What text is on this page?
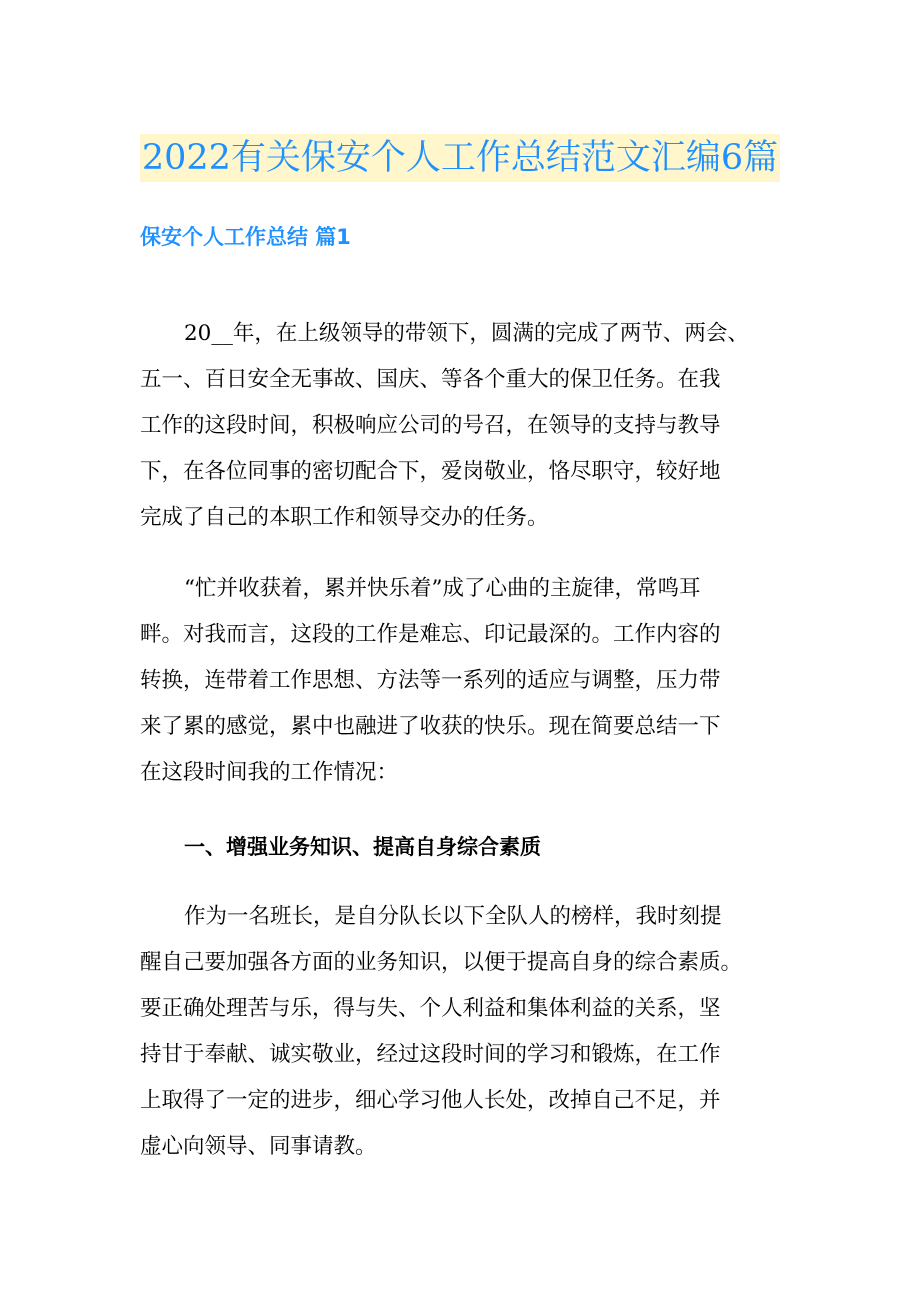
2022有关保安个人工作总结范文汇编6篇
保安个人工作总结 篇1
20__年，在上级领导的带领下，圆满的完成了两节、两会、
五一、百日安全无事故、国庆、等各个重大的保卫任务。在我
工作的这段时间，积极响应公司的号召，在领导的支持与教导
下，在各位同事的密切配合下，爱岗敬业，恪尽职守，较好地
完成了自己的本职工作和领导交办的任务。
“忙并收获着，累并快乐着”成了心曲的主旋律，常鸣耳
畔。对我而言，这段的工作是难忘、印记最深的。工作内容的
转换，连带着工作思想、方法等一系列的适应与调整，压力带
来了累的感觉，累中也融进了收获的快乐。现在简要总结一下
在这段时间我的工作情况：
一、增强业务知识、提高自身综合素质
作为一名班长，是自分队长以下全队人的榜样，我时刻提
醒自己要加强各方面的业务知识，以便于提高自身的综合素质。
要正确处理苦与乐，得与失、个人利益和集体利益的关系，坚
持甘于奉献、诚实敬业，经过这段时间的学习和锻炼，在工作
上取得了一定的进步，细心学习他人长处，改掉自己不足，并
虚心向领导、同事请教。
